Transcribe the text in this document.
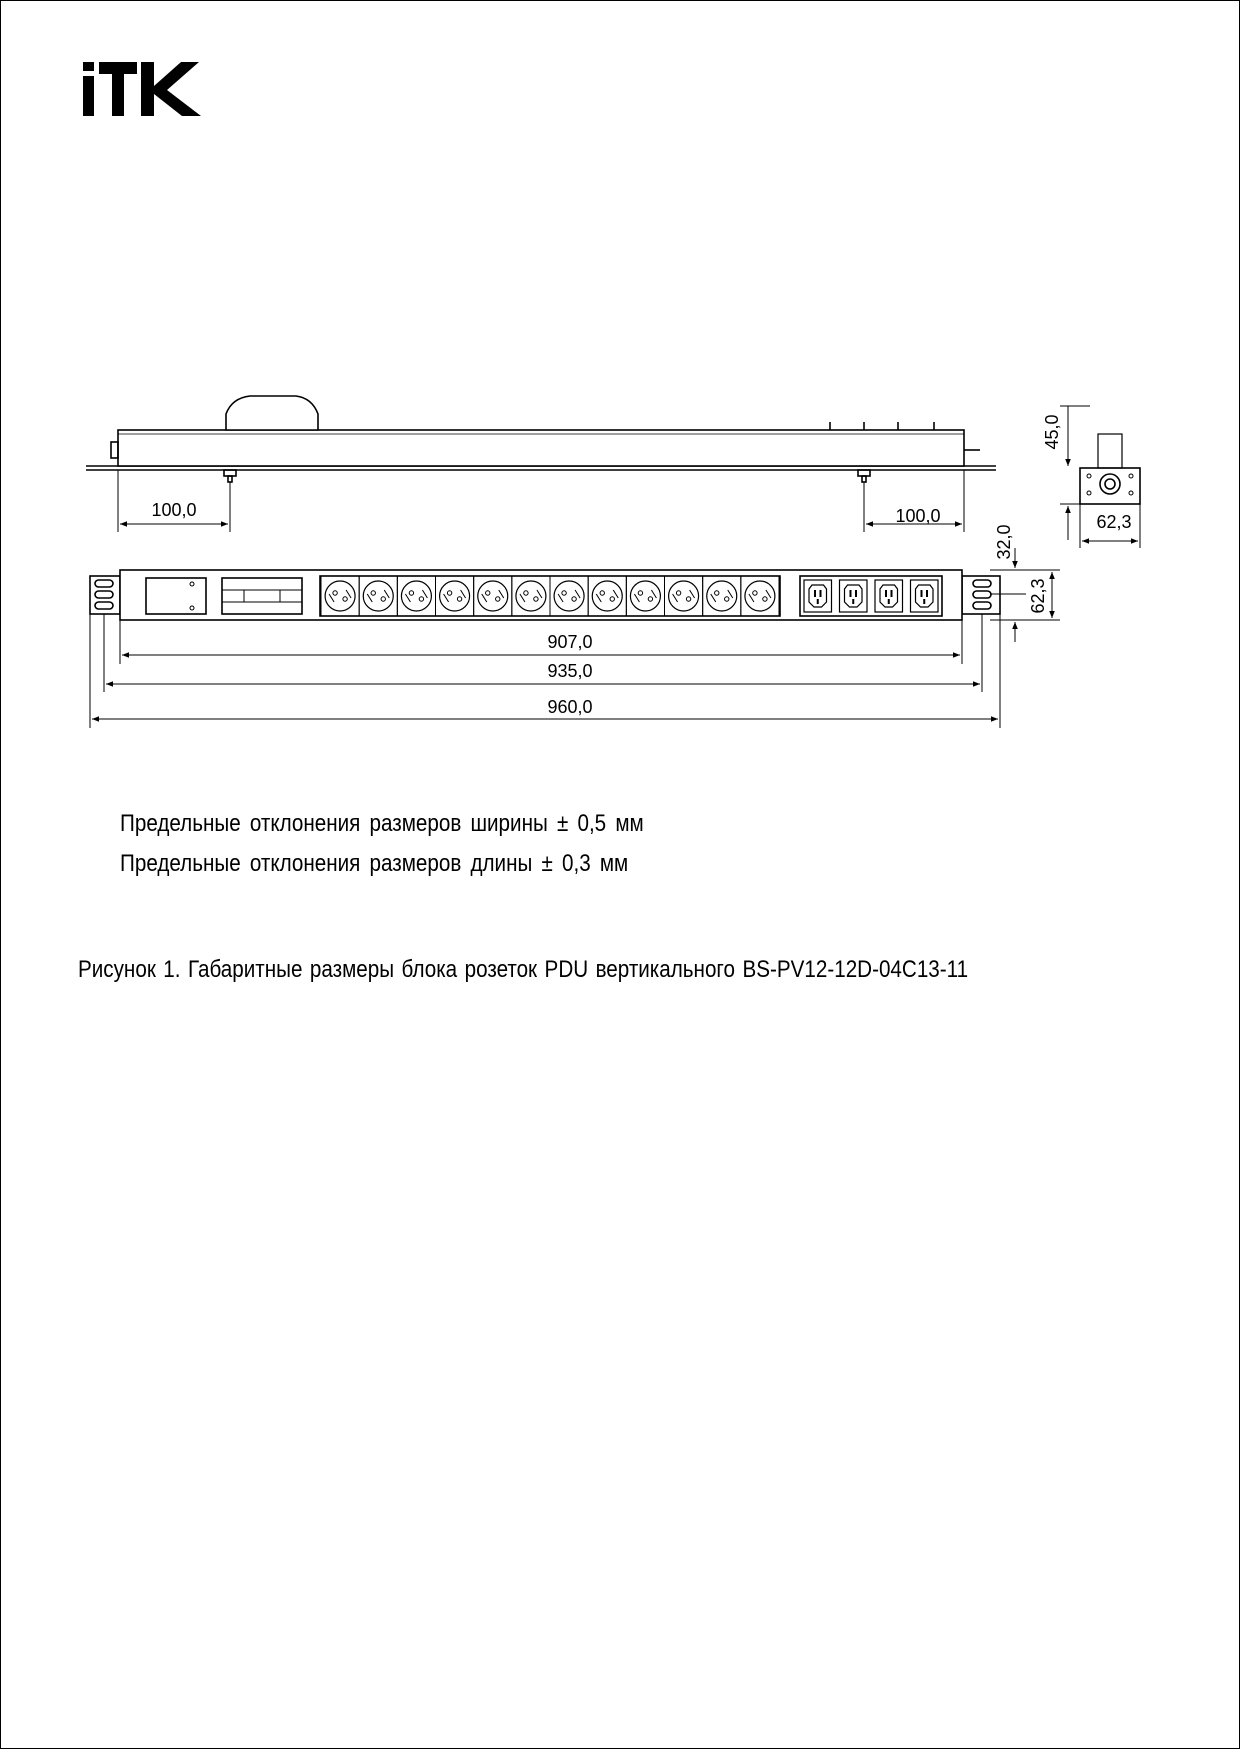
100,0	100,0
45,0
62,3
907,0
935,0
960,0
32,0
62,3
Предельные отклонения размеров ширины ± 0,5 мм
Предельные отклонения размеров длины ± 0,3 мм
Рисунок 1. Габаритные размеры блока розеток PDU вертикального BS-PV12-12D-04C13-11
